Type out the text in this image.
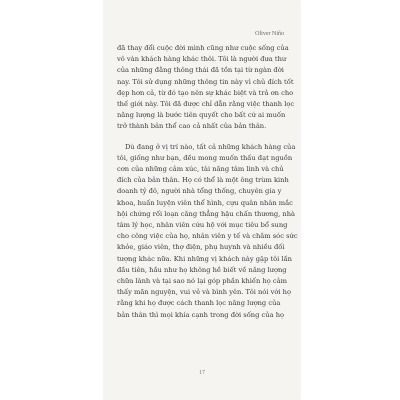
Oliver Niño

đã thay đổi cuộc đời mình cũng như cuộc sống của

vô vàn khách hàng khác thôi. Tôi là người đưa thư

của những đằng thông thái đã tồn tại từ ngàn đời

nay. Tôi sử dụng những thông tin này vì chủ đích tốt

đẹp hơn cả, từ đó tạo nên sự khác biệt và trả ơn cho

thế giới này. Tôi đã được chỉ dẫn rằng việc thanh lọc

năng lượng là bước tiên quyết cho bất cứ ai muốn

trở thành bản thể cao cả nhất của bản thân.

Dù đang ở vị trí nào, tất cả những khách hàng của

tôi, giống như bạn, đều mong muốn thấu đạt nguồn

cơn của những cảm xúc, tài năng tâm linh và chủ

đích của bản thân. Họ có thể là một ông trùm kinh

doanh tỷ đô, người nhà tổng thống, chuyên gia y

khoa, huấn luyện viên thể hình, cựu quân nhân mắc

hội chứng rối loạn căng thẳng hậu chấn thương, nhà

tâm lý học, nhân viên cứu hộ với mục tiêu bổ sung

cho công việc của họ, nhân viên y tế và chăm sóc sức

khỏe, giáo viên, thợ điện, phụ huynh và nhiều đối

tượng khác nữa. Khi những vị khách này gặp tôi lần

đầu tiên, hầu như họ không hề biết về năng lượng

chữa lành và tại sao nó lại góp phần khiến họ cảm

thấy mãn nguyện, vui vẻ và bình yên. Tôi nói với họ

rằng khi họ được cách thanh lọc năng lượng của

bản thân thì mọi khía cạnh trong đời sống của họ

17
